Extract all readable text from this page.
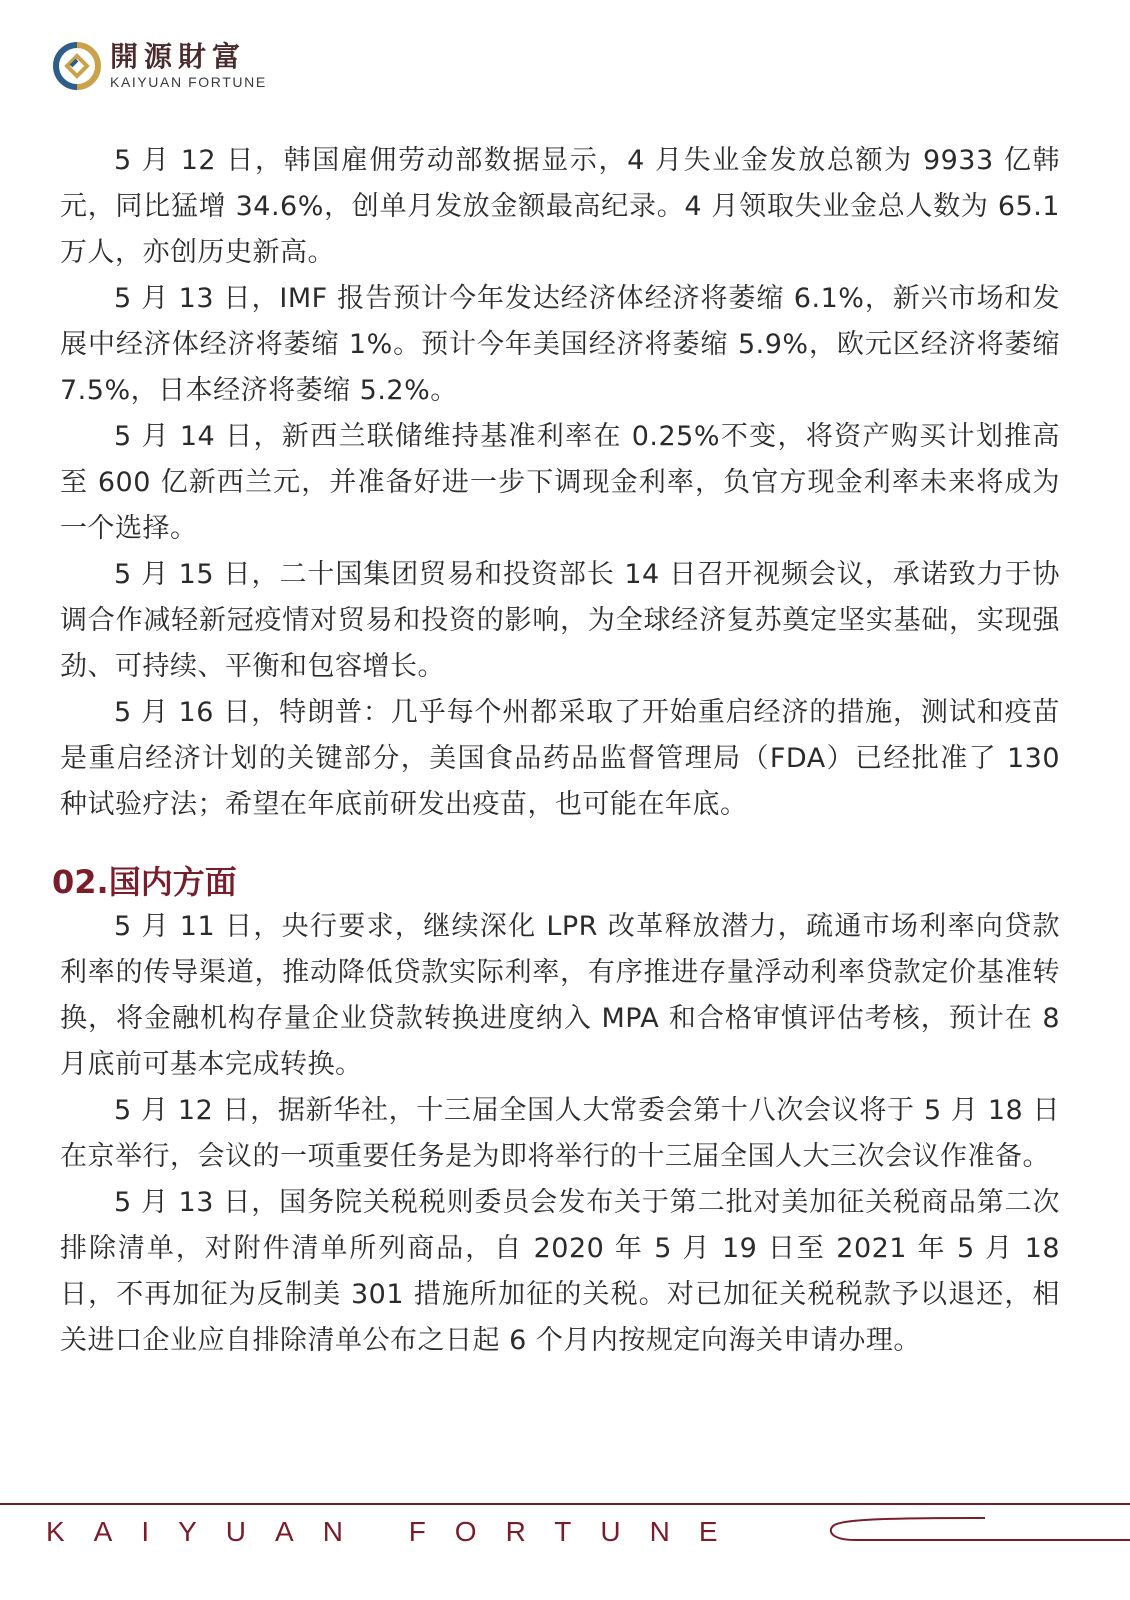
開源財富
KAIYUAN FORTUNE

5 月 12 日，韩国雇佣劳动部数据显示，4 月失业金发放总额为 9933 亿韩元，同比猛增 34.6%，创单月发放金额最高纪录。4 月领取失业金总人数为 65.1 万人，亦创历史新高。

5 月 13 日，IMF 报告预计今年发达经济体经济将萎缩 6.1%，新兴市场和发展中经济体经济将萎缩 1%。预计今年美国经济将萎缩 5.9%，欧元区经济将萎缩 7.5%，日本经济将萎缩 5.2%。

5 月 14 日，新西兰联储维持基准利率在 0.25%不变，将资产购买计划推高至 600 亿新西兰元，并准备好进一步下调现金利率，负官方现金利率未来将成为一个选择。

5 月 15 日，二十国集团贸易和投资部长 14 日召开视频会议，承诺致力于协调合作减轻新冠疫情对贸易和投资的影响，为全球经济复苏奠定坚实基础，实现强劲、可持续、平衡和包容增长。

5 月 16 日，特朗普：几乎每个州都采取了开始重启经济的措施，测试和疫苗是重启经济计划的关键部分，美国食品药品监督管理局（FDA）已经批准了 130 种试验疗法；希望在年底前研发出疫苗，也可能在年底。

02.国内方面

5 月 11 日，央行要求，继续深化 LPR 改革释放潜力，疏通市场利率向贷款利率的传导渠道，推动降低贷款实际利率，有序推进存量浮动利率贷款定价基准转换，将金融机构存量企业贷款转换进度纳入 MPA 和合格审慎评估考核，预计在 8 月底前可基本完成转换。

5 月 12 日，据新华社，十三届全国人大常委会第十八次会议将于 5 月 18 日在京举行，会议的一项重要任务是为即将举行的十三届全国人大三次会议作准备。

5 月 13 日，国务院关税税则委员会发布关于第二批对美加征关税商品第二次排除清单，对附件清单所列商品，自 2020 年 5 月 19 日至 2021 年 5 月 18 日，不再加征为反制美 301 措施所加征的关税。对已加征关税税款予以退还，相关进口企业应自排除清单公布之日起 6 个月内按规定向海关申请办理。

KAIYUAN FORTUNE
